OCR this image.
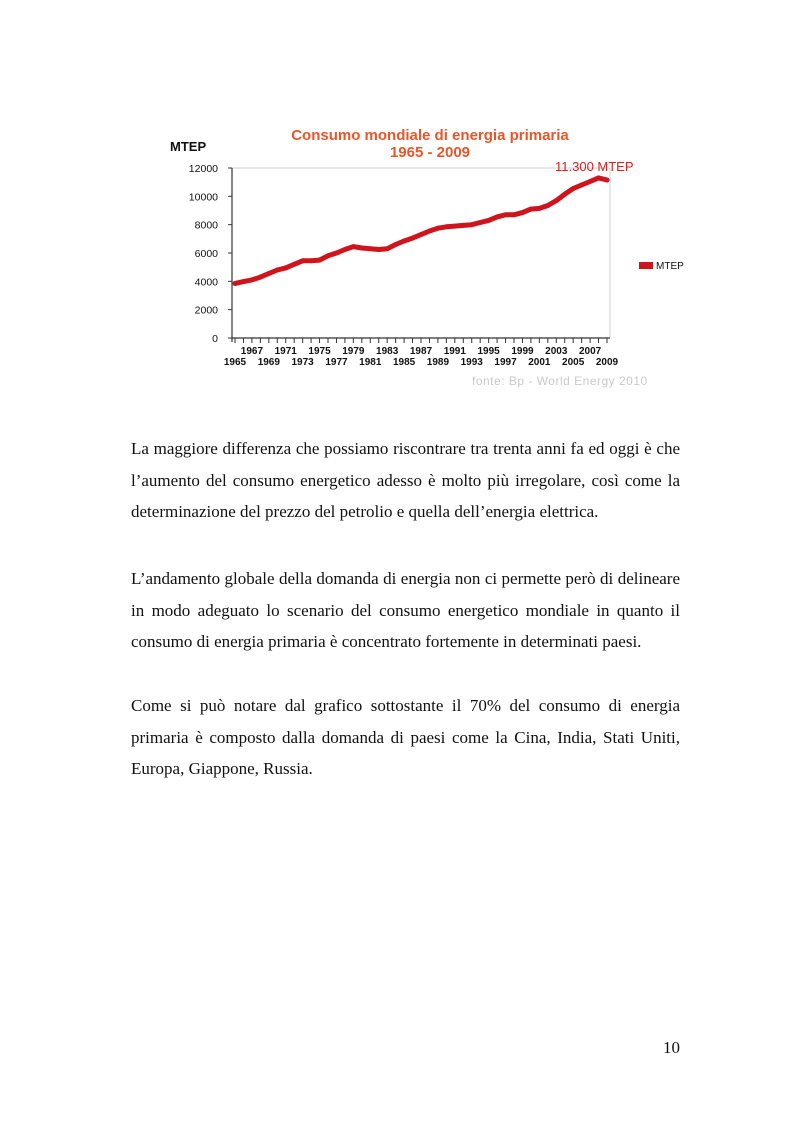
Consumo mondiale di energia primaria
1965 - 2009
MTEP
0
2000
4000
6000
8000
10000
12000
1967 1971 1975 1979 1983 1987 1991 1995 1999 2003 2007
1965 1969 1973 1977 1981 1985 1989 1993 1997 2001 2005 2009
11.300 MTEP
MTEP
fonte: Bp - World Energy 2010

La maggiore differenza che possiamo riscontrare tra trenta anni fa ed oggi è che l’aumento del consumo energetico adesso è molto più irregolare, così come la determinazione del prezzo del petrolio e quella dell’energia elettrica.

L’andamento globale della domanda di energia non ci permette però di delineare in modo adeguato lo scenario del consumo energetico mondiale in quanto il consumo di energia primaria è concentrato fortemente in determinati paesi.

Come si può notare dal grafico sottostante il 70% del consumo di energia primaria è composto dalla domanda di paesi come la Cina, India, Stati Uniti, Europa, Giappone, Russia.

10
